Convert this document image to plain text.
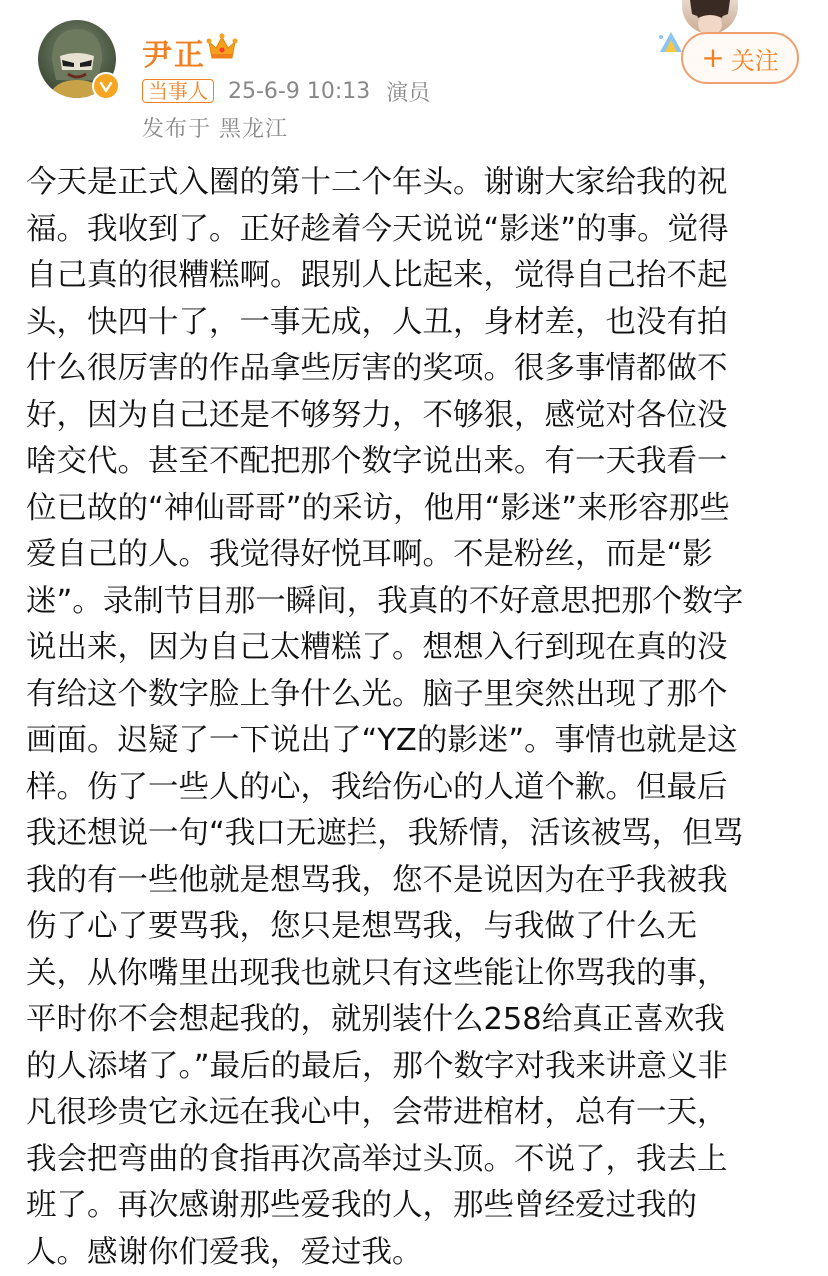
尹正
当事人 25-6-9 10:13 演员
发布于 黑龙江
+ 关注

今天是正式入圈的第十二个年头。谢谢大家给我的祝

福。我收到了。正好趁着今天说说“影迷”的事。觉得

自己真的很糟糕啊。跟别人比起来，觉得自己抬不起

头，快四十了，一事无成，人丑，身材差，也没有拍

什么很厉害的作品拿些厉害的奖项。很多事情都做不

好，因为自己还是不够努力，不够狠，感觉对各位没

啥交代。甚至不配把那个数字说出来。有一天我看一

位已故的“神仙哥哥”的采访，他用“影迷”来形容那些

爱自己的人。我觉得好悦耳啊。不是粉丝，而是“影

迷”。录制节目那一瞬间，我真的不好意思把那个数字

说出来，因为自己太糟糕了。想想入行到现在真的没

有给这个数字脸上争什么光。脑子里突然出现了那个

画面。迟疑了一下说出了“YZ的影迷”。事情也就是这

样。伤了一些人的心，我给伤心的人道个歉。但最后

我还想说一句“我口无遮拦，我矫情，活该被骂，但骂

我的有一些他就是想骂我，您不是说因为在乎我被我

伤了心了要骂我，您只是想骂我，与我做了什么无

关，从你嘴里出现我也就只有这些能让你骂我的事，

平时你不会想起我的，就别装什么258给真正喜欢我

的人添堵了。”最后的最后，那个数字对我来讲意义非

凡很珍贵它永远在我心中，会带进棺材，总有一天，

我会把弯曲的食指再次高举过头顶。不说了，我去上

班了。再次感谢那些爱我的人，那些曾经爱过我的

人。感谢你们爱我，爱过我。
